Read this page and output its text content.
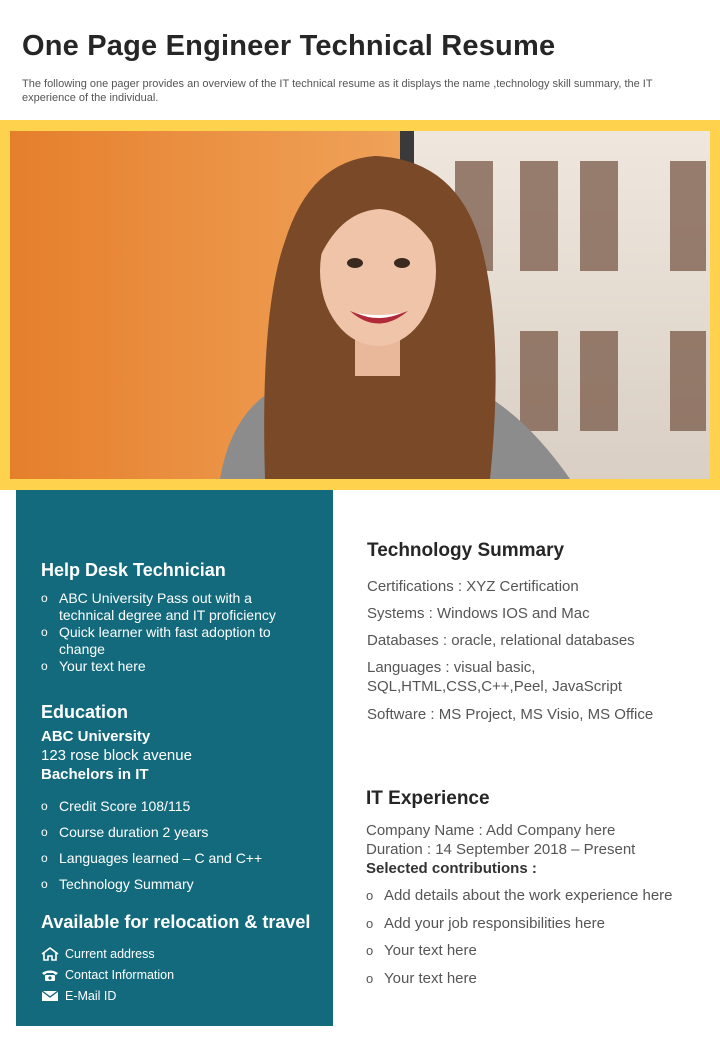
One Page Engineer Technical Resume
The following one pager provides an overview of the IT technical resume as it displays the name ,technology skill summary, the IT experience of the individual.
Help Desk Technician
o ABC University Pass out with a technical degree and IT proficiency
o Quick learner with fast adoption to change
o Your text here
Education
ABC University
123 rose block avenue
Bachelors in IT
o Credit Score 108/115
o Course duration 2 years
o Languages learned – C and C++
o Technology Summary
Available for relocation & travel
Current address
Contact Information
E-Mail ID
Technology Summary
Certifications : XYZ Certification
Systems : Windows IOS and Mac
Databases : oracle, relational databases
Languages : visual basic,
SQL,HTML,CSS,C++,Peel, JavaScript
Software : MS Project, MS Visio, MS Office
IT Experience
Company Name : Add Company here
Duration : 14 September 2018 – Present
Selected contributions :
o Add details about the work experience here
o Add your job responsibilities here
o Your text here
o Your text here
